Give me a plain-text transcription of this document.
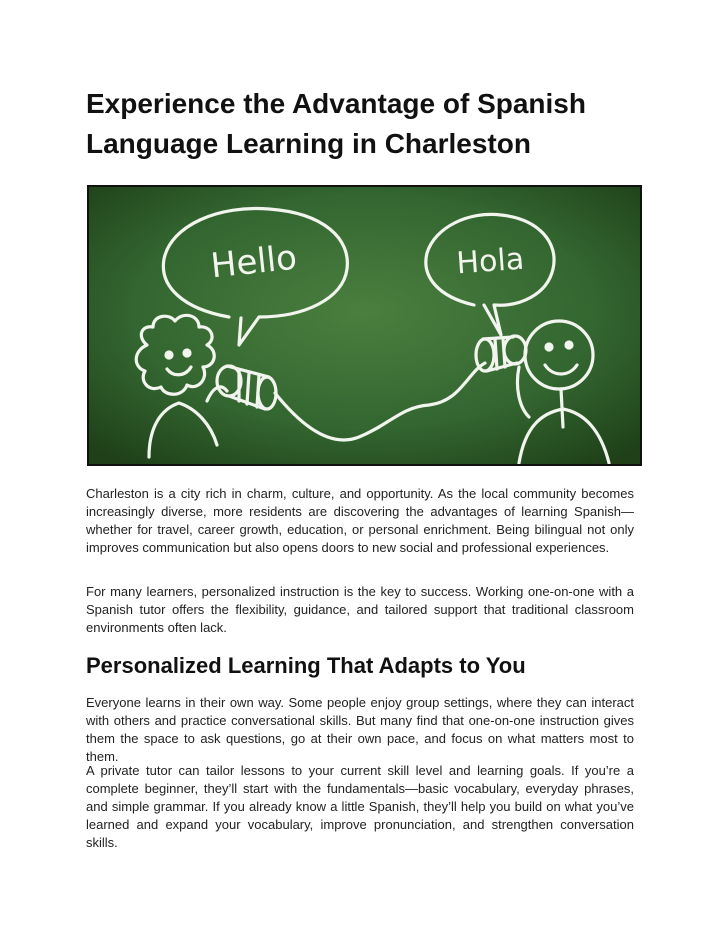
Experience the Advantage of Spanish Language Learning in Charleston
Hello	Hola

Charleston is a city rich in charm, culture, and opportunity. As the local community becomes increasingly diverse, more residents are discovering the advantages of learning Spanish—whether for travel, career growth, education, or personal enrichment. Being bilingual not only improves communication but also opens doors to new social and professional experiences.

For many learners, personalized instruction is the key to success. Working one-on-one with a Spanish tutor offers the flexibility, guidance, and tailored support that traditional classroom environments often lack.

Personalized Learning That Adapts to You

Everyone learns in their own way. Some people enjoy group settings, where they can interact with others and practice conversational skills. But many find that one-on-one instruction gives them the space to ask questions, go at their own pace, and focus on what matters most to them.

A private tutor can tailor lessons to your current skill level and learning goals. If you’re a complete beginner, they’ll start with the fundamentals—basic vocabulary, everyday phrases, and simple grammar. If you already know a little Spanish, they’ll help you build on what you’ve learned and expand your vocabulary, improve pronunciation, and strengthen conversation skills.
